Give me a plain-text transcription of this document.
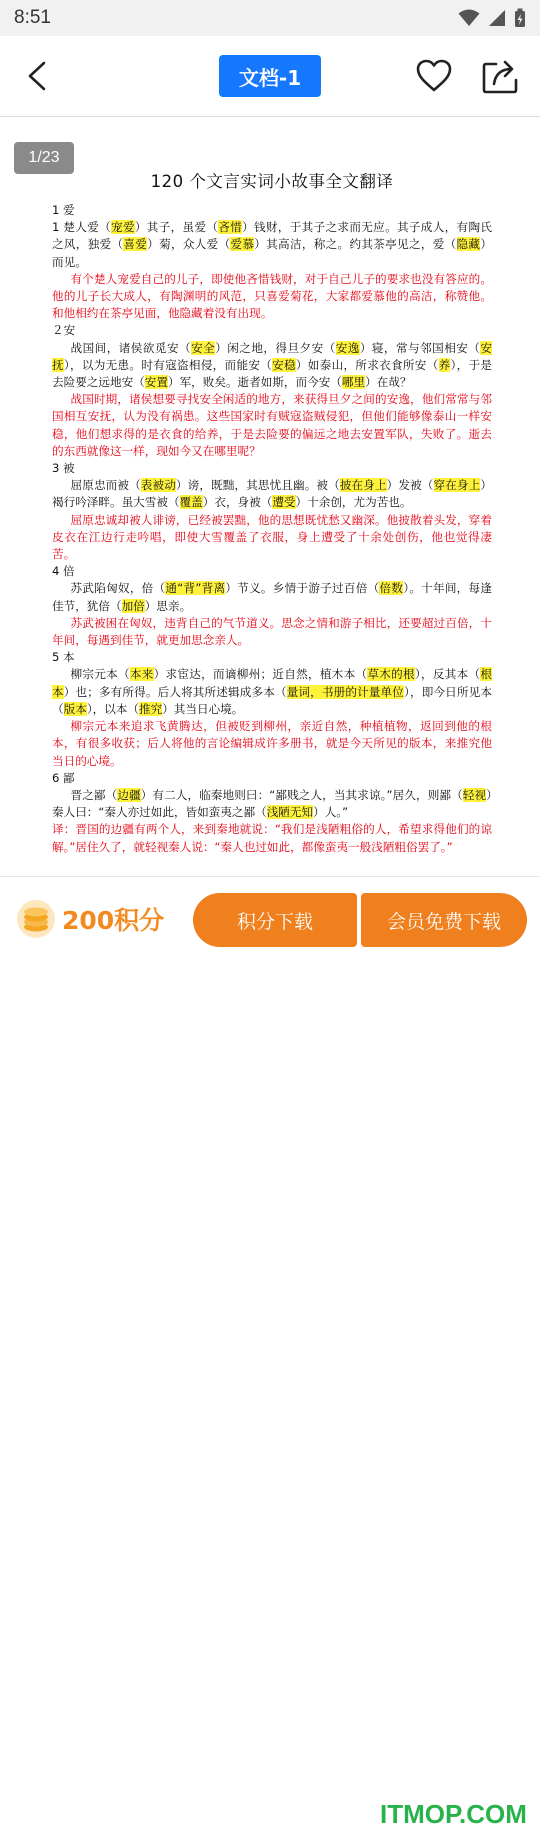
8:51
文档-1
1/23
120 个文言实词小故事全文翻译
1 爱
1 楚人爱（宠爱）其子，虽爱（吝惜）钱财，于其子之求而无应。其子成人，有陶氏之风，独爱（喜爱）菊，众人爱（爱慕）其高洁，称之。约其茶亭见之，爱（隐藏）而见。
有个楚人宠爱自己的儿子，即使他吝惜钱财，对于自己儿子的要求也没有答应的。他的儿子长大成人，有陶渊明的风范，只喜爱菊花，大家都爱慕他的高洁，称赞他。和他相约在茶亭见面，他隐藏着没有出现。
２安
战国间，诸侯欲觅安（安全）闲之地，得旦夕安（安逸）寝，常与邻国相安（安抚），以为无患。时有寇盗相侵，而能安（安稳）如泰山，所求衣食所安（养），于是去险要之远地安（安置）军，败矣。逝者如斯，而今安（哪里）在哉？
战国时期，诸侯想要寻找安全闲适的地方，来获得旦夕之间的安逸，他们常常与邻国相互安抚，认为没有祸患。这些国家时有贼寇盗贼侵犯，但他们能够像泰山一样安稳，他们想求得的是衣食的给养，于是去险要的偏远之地去安置军队，失败了。逝去的东西就像这一样，现如今又在哪里呢？
3 被
屈原忠而被（表被动）谤，既黜，其思忧且幽。被（披在身上）发被（穿在身上）褐行吟泽畔。虽大雪被（覆盖）衣，身被（遭受）十余创，尤为苦也。
屈原忠诚却被人诽谤，已经被罢黜，他的思想既忧愁又幽深。他披散着头发，穿着皮衣在江边行走吟唱，即使大雪覆盖了衣服，身上遭受了十余处创伤，他也觉得凄苦。
4 倍
苏武陷匈奴，倍（通“背”背离）节义。乡情于游子过百倍（倍数）。十年间，每逢佳节，犹倍（加倍）思亲。
苏武被困在匈奴，违背自己的气节道义。思念之情和游子相比，还要超过百倍，十年间，每遇到佳节，就更加思念亲人。
5 本
柳宗元本（本来）求宦达，而谪柳州；近自然，植木本（草木的根），反其本（根本）也；多有所得。后人将其所述辑成多本（量词，书册的计量单位），即今日所见本（版本），以本（推究）其当日心境。
柳宗元本来追求飞黄腾达，但被贬到柳州，亲近自然，种植植物，返回到他的根本，有很多收获；后人将他的言论编辑成许多册书，就是今天所见的版本，来推究他当日的心境。
6 鄙
晋之鄙（边疆）有二人，临秦地则曰：“鄙贱之人，当其求谅。”居久，则鄙（轻视）秦人曰：“秦人亦过如此，皆如蛮夷之鄙（浅陋无知）人。”
译：晋国的边疆有两个人，来到秦地就说：“我们是浅陋粗俗的人，希望求得他们的谅解。”居住久了，就轻视秦人说：“秦人也过如此，都像蛮夷一般浅陋粗俗罢了。”
200积分	积分下载	会员免费下载
ITMOP.COM
